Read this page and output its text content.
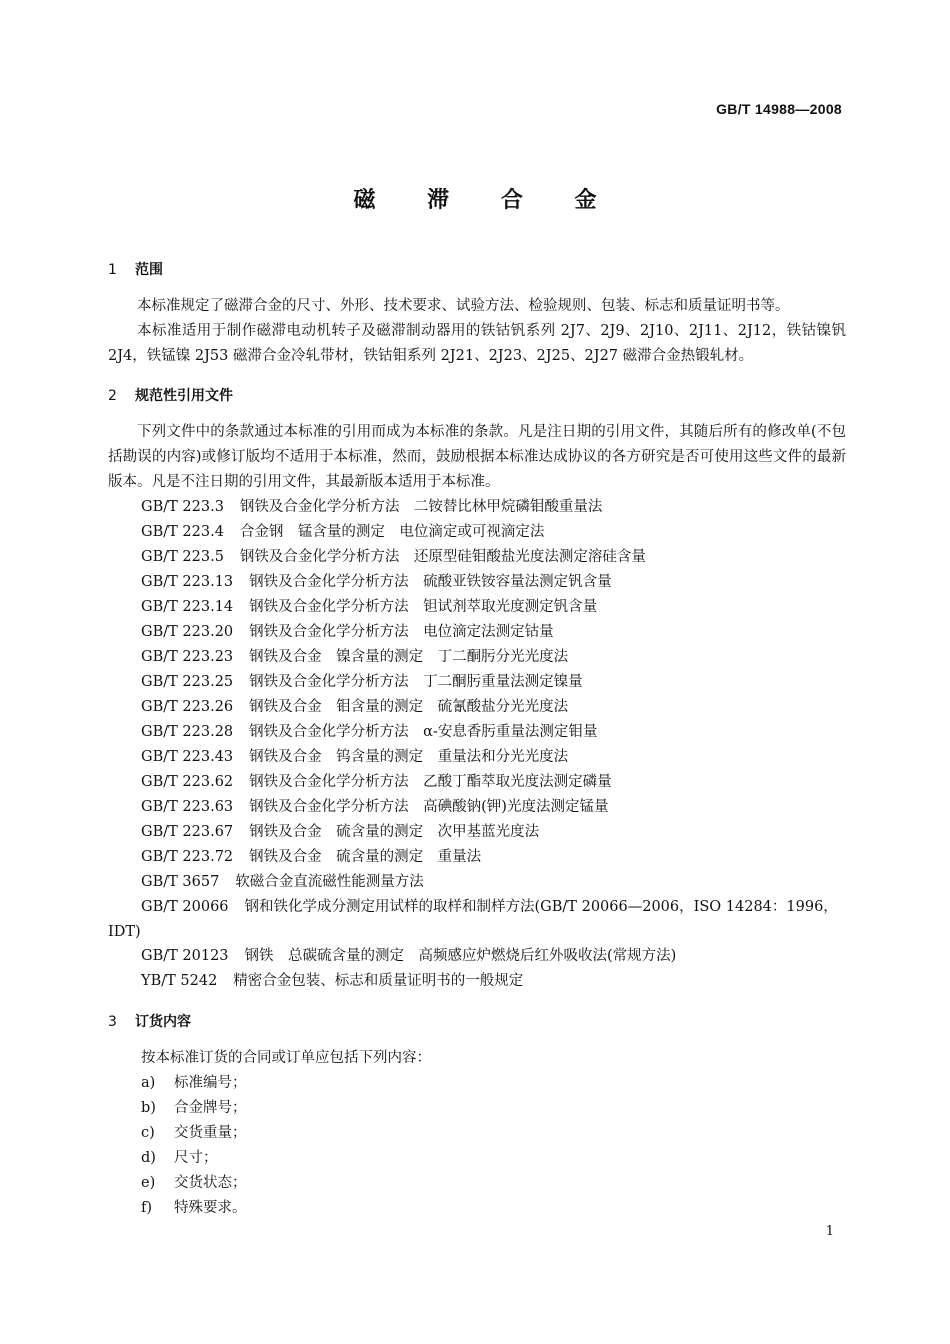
GB/T 14988—2008
磁 滞 合 金

1 范围

本标准规定了磁滞合金的尺寸、外形、技术要求、试验方法、检验规则、包装、标志和质量证明书等。

本标准适用于制作磁滞电动机转子及磁滞制动器用的铁钴钒系列 2J7、2J9、2J10、2J11、2J12，铁钴镍钒 2J4，铁锰镍 2J53 磁滞合金冷轧带材，铁钴钼系列 2J21、2J23、2J25、2J27 磁滞合金热锻轧材。

2 规范性引用文件

下列文件中的条款通过本标准的引用而成为本标准的条款。凡是注日期的引用文件，其随后所有的修改单(不包括勘误的内容)或修订版均不适用于本标准，然而，鼓励根据本标准达成协议的各方研究是否可使用这些文件的最新版本。凡是不注日期的引用文件，其最新版本适用于本标准。

GB/T 223.3 钢铁及合金化学分析方法　二铵替比林甲烷磷钼酸重量法

GB/T 223.4 合金钢　锰含量的测定　电位滴定或可视滴定法

GB/T 223.5 钢铁及合金化学分析方法　还原型硅钼酸盐光度法测定溶硅含量

GB/T 223.13 钢铁及合金化学分析方法　硫酸亚铁铵容量法测定钒含量

GB/T 223.14 钢铁及合金化学分析方法　钽试剂萃取光度测定钒含量

GB/T 223.20 钢铁及合金化学分析方法　电位滴定法测定钴量

GB/T 223.23 钢铁及合金　镍含量的测定　丁二酮肟分光光度法

GB/T 223.25 钢铁及合金化学分析方法　丁二酮肟重量法测定镍量

GB/T 223.26 钢铁及合金　钼含量的测定　硫氰酸盐分光光度法

GB/T 223.28 钢铁及合金化学分析方法　α-安息香肟重量法测定钼量

GB/T 223.43 钢铁及合金　钨含量的测定　重量法和分光光度法

GB/T 223.62 钢铁及合金化学分析方法　乙酸丁酯萃取光度法测定磷量

GB/T 223.63 钢铁及合金化学分析方法　高碘酸钠(钾)光度法测定锰量

GB/T 223.67 钢铁及合金　硫含量的测定　次甲基蓝光度法

GB/T 223.72 钢铁及合金　硫含量的测定　重量法

GB/T 3657 软磁合金直流磁性能测量方法

GB/T 20066 钢和铁化学成分测定用试样的取样和制样方法(GB/T 20066—2006，ISO 14284：1996，IDT)

GB/T 20123 钢铁　总碳硫含量的测定　高频感应炉燃烧后红外吸收法(常规方法)

YB/T 5242 精密合金包装、标志和质量证明书的一般规定

3 订货内容

按本标准订货的合同或订单应包括下列内容：

a) 标准编号；

b) 合金牌号；

c) 交货重量；

d) 尺寸；

e) 交货状态；

f) 特殊要求。

1
